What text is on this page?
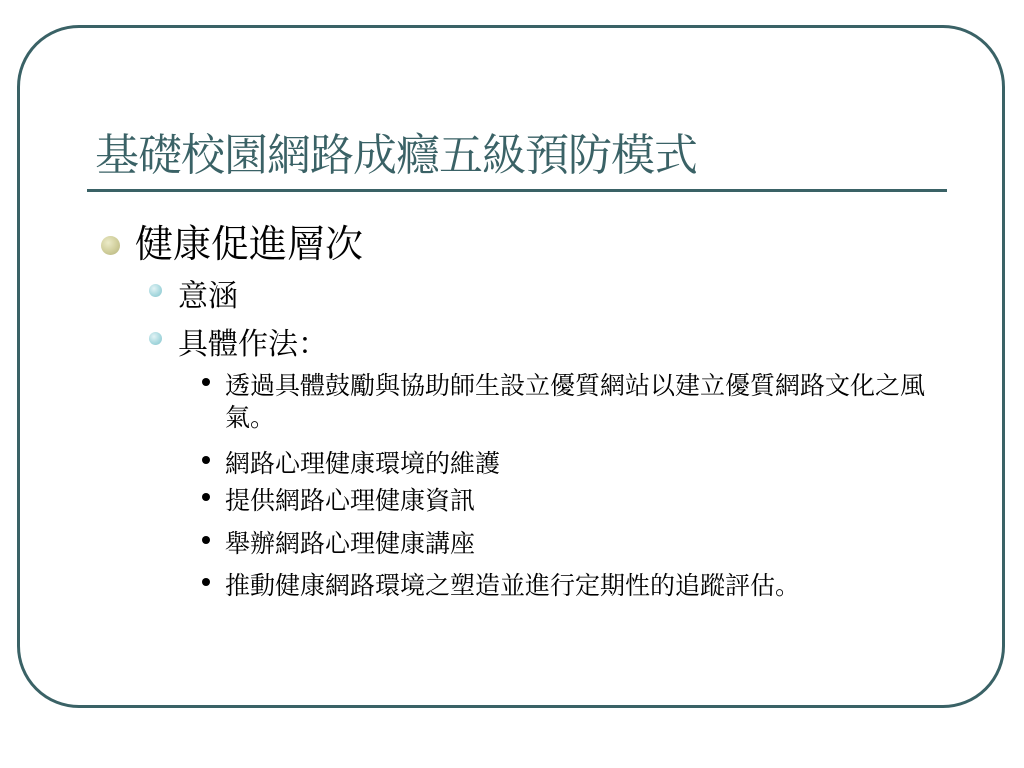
基礎校園網路成癮五級預防模式
健康促進層次
意涵
具體作法：
透過具體鼓勵與協助師生設立優質網站以建立優質網路文化之風氣。
網路心理健康環境的維護
提供網路心理健康資訊
舉辦網路心理健康講座
推動健康網路環境之塑造並進行定期性的追蹤評估。
